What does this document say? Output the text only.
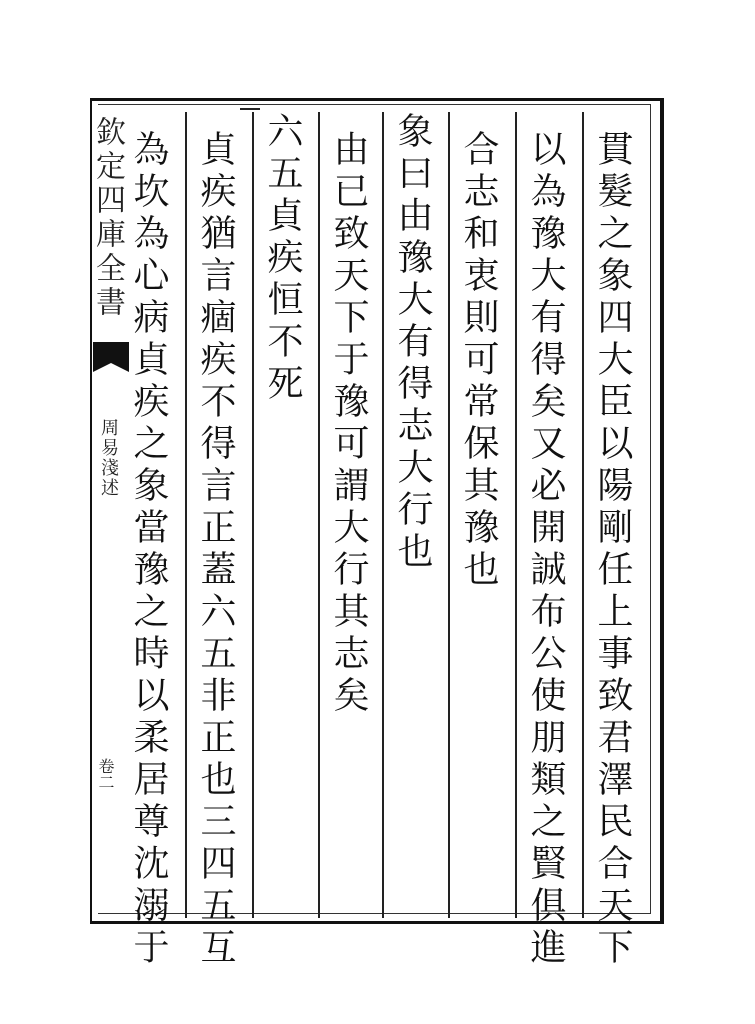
欽定四庫全書
周易淺述
卷二	貫髮之象四大臣以陽剛任上事致君澤民合天下
以為豫大有得矣又必開誠布公使朋類之賢俱進
合志和衷則可常保其豫也
象曰由豫大有得志大行也
由已致天下于豫可謂大行其志矣
六五貞疾恒不死
貞疾猶言痼疾不得言正蓋六五非正也三四五互
為坎為心病貞疾之象當豫之時以柔居尊沈溺于
